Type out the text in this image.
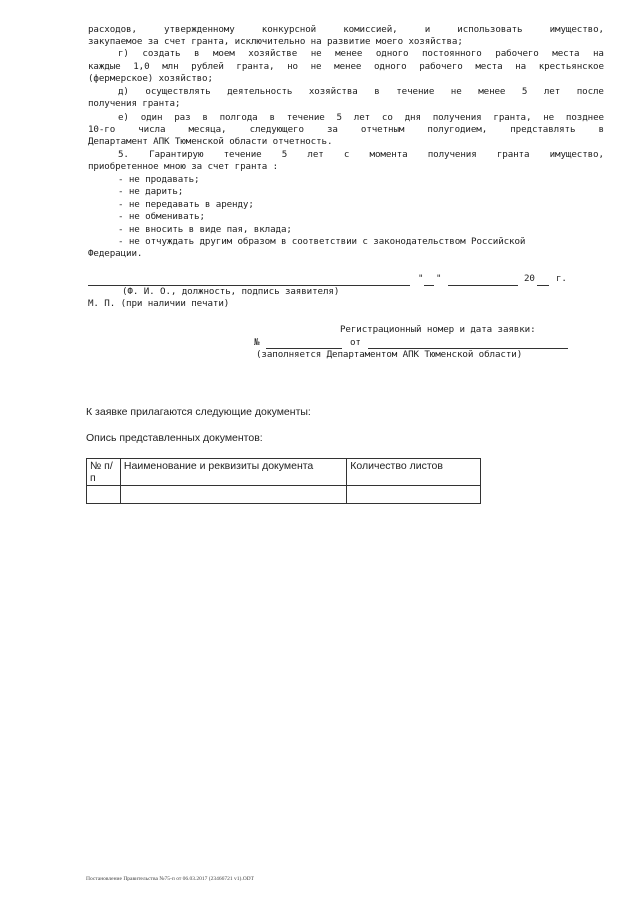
расходов,	утвержденному	конкурсной	комиссией,	и	использовать	имущество,
закупаемое за счет гранта, исключительно на развитие моего хозяйства;
г) создать в моем хозяйстве не менее одного постоянного рабочего места на
каждые 1,0 млн рублей гранта, но не менее одного рабочего места на крестьянское
(фермерское) хозяйство;
д) осуществлять деятельность хозяйства в течение не менее 5 лет после
получения гранта;
е) один раз в полгода в течение 5 лет со дня получения гранта, не позднее
10-го	числа	месяца,	следующего	за	отчетным	полугодием,	представлять	в
Департамент АПК Тюменской области отчетность.
5. Гарантирую течение 5 лет с момента получения гранта имущество,
приобретенное мною за счет гранта :
- не продавать;
- не дарить;
- не передавать в аренду;
- не обменивать;
- не вносить в виде пая, вклада;
- не отчуждать другим образом в соответствии с законодательством Российской
Федерации.
" "	20 г.
(Ф. И. О., должность, подпись заявителя)
М. П. (при наличии печати)
Регистрационный номер и дата заявки:
№	от
(заполняется Департаментом АПК Тюменской области)
К заявке прилагаются следующие документы:
Опись представленных документов:
№ п/п	Наименование и реквизиты документа	Количество листов

Постановление Правительства №75-п от 06.03.2017 (23466721 v1).ODT
